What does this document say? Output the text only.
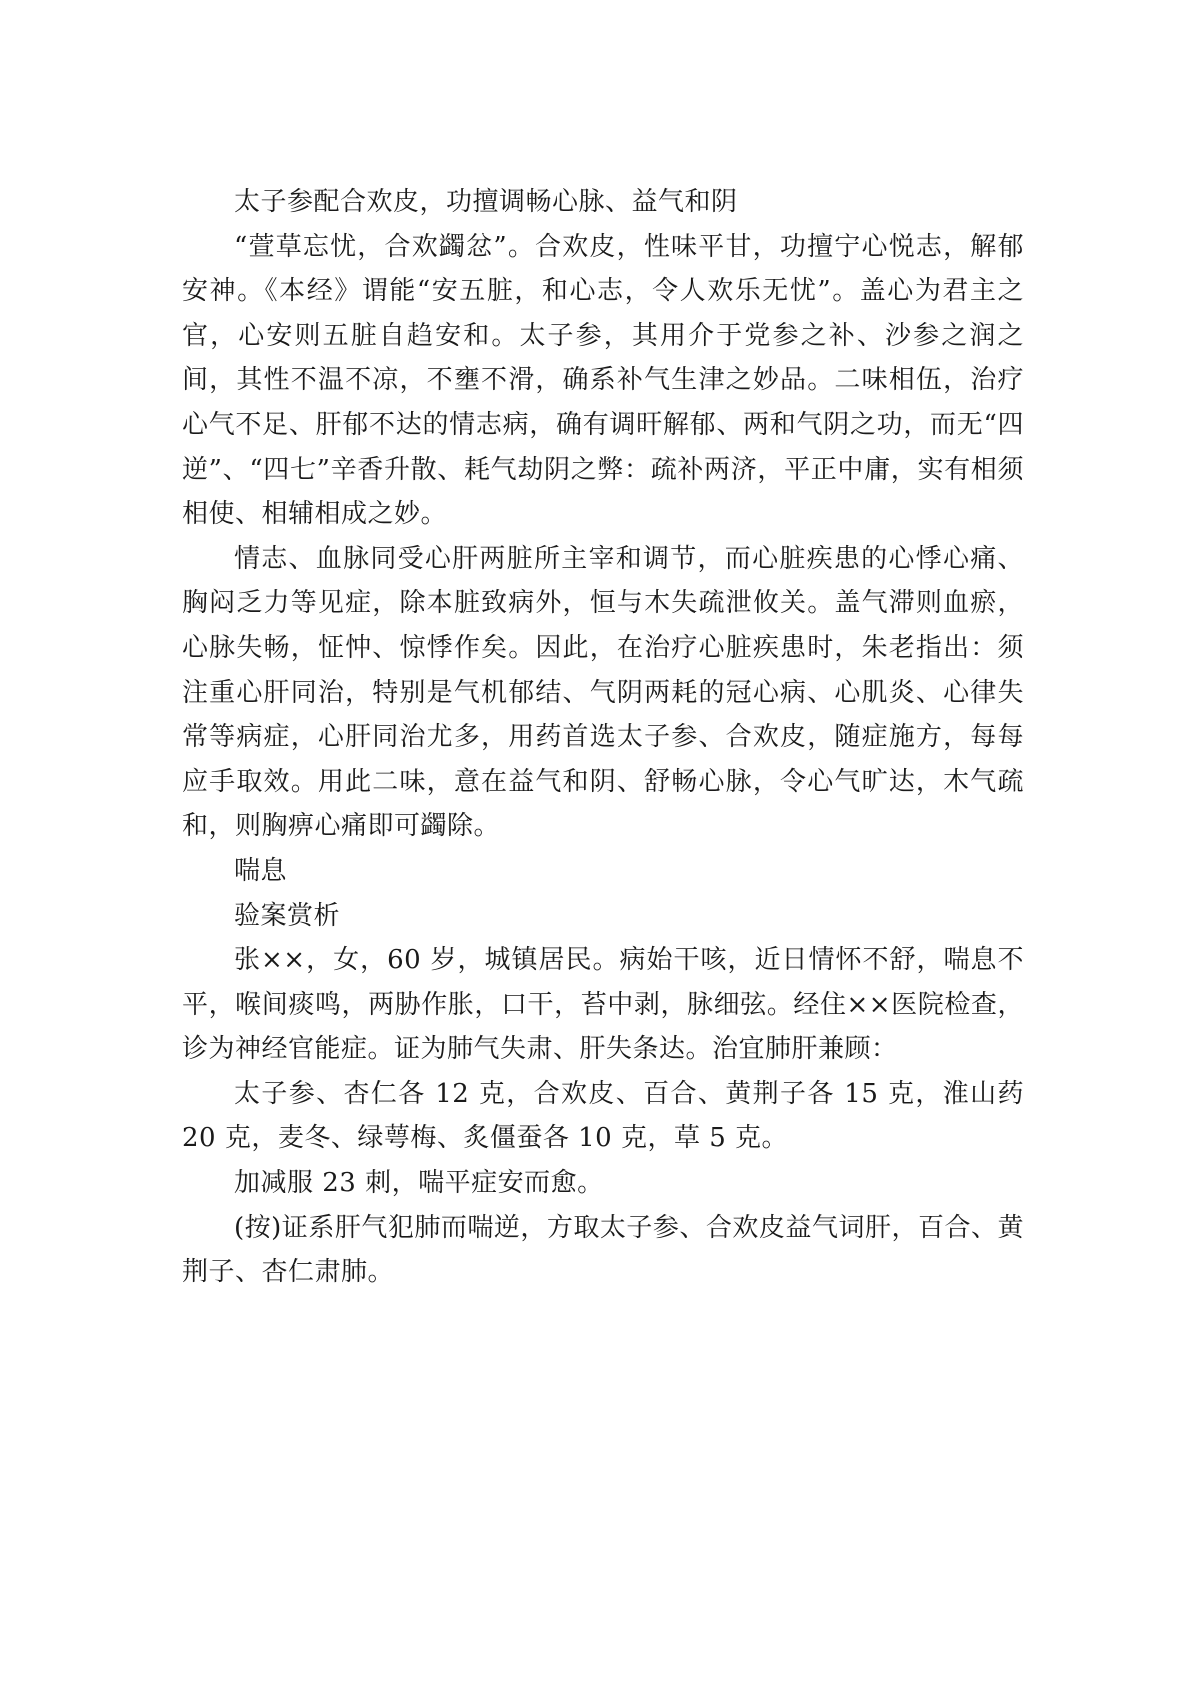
太子参配合欢皮，功擅调畅心脉、益气和阴

“萱草忘忧，合欢蠲忿”。合欢皮，性味平甘，功擅宁心悦志，解郁安神。《本经》谓能“安五脏，和心志，令人欢乐无忧”。盖心为君主之官，心安则五脏自趋安和。太子参，其用介于党参之补、沙参之润之间，其性不温不凉，不壅不滑，确系补气生津之妙品。二味相伍，治疗心气不足、肝郁不达的情志病，确有调旰解郁、两和气阴之功，而无“四逆”、“四七”辛香升散、耗气劫阴之弊：疏补两济，平正中庸，实有相须相使、相辅相成之妙。

情志、血脉同受心肝两脏所主宰和调节，而心脏疾患的心悸心痛、胸闷乏力等见症，除本脏致病外，恒与木失疏泄攸关。盖气滞则血瘀，心脉失畅，怔忡、惊悸作矣。因此，在治疗心脏疾患时，朱老指出：须注重心肝同治，特别是气机郁结、气阴两耗的冠心病、心肌炎、心律失常等病症，心肝同治尤多，用药首选太子参、合欢皮，随症施方，每每应手取效。用此二味，意在益气和阴、舒畅心脉，令心气旷达，木气疏和，则胸痹心痛即可蠲除。

喘息

验案赏析

张××，女，60 岁，城镇居民。病始干咳，近日情怀不舒，喘息不平，喉间痰鸣，两胁作胀，口干，苔中剥，脉细弦。经住××医院检查，诊为神经官能症。证为肺气失肃、肝失条达。治宜肺肝兼顾：

太子参、杏仁各 12 克，合欢皮、百合、黄荆子各 15 克，淮山药 20 克，麦冬、绿萼梅、炙僵蚕各 10 克，草 5 克。

加减服 23 刺，喘平症安而愈。

(按)证系肝气犯肺而喘逆，方取太子参、合欢皮益气词肝，百合、黄荆子、杏仁肃肺。
